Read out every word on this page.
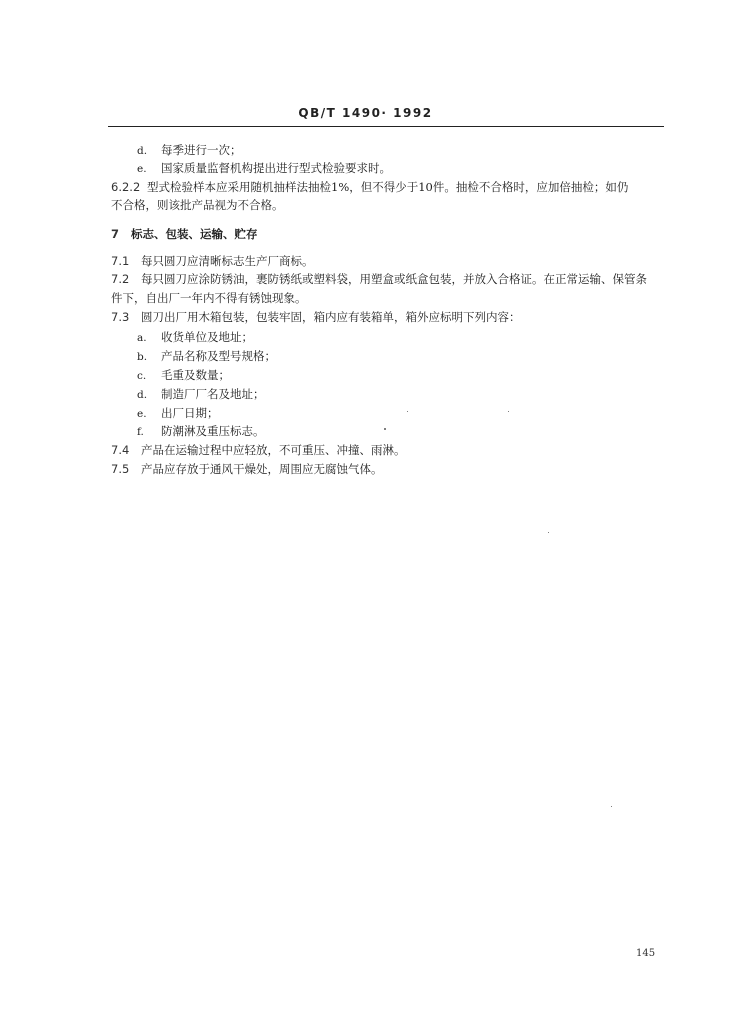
QB/T 1490· 1992
d. 每季进行一次；
e. 国家质量监督机构提出进行型式检验要求时。
6.2.2 型式检验样本应采用随机抽样法抽检1%，但不得少于10件。抽检不合格时，应加倍抽检；如仍
不合格，则该批产品视为不合格。
7 标志、包装、运输、贮存
7.1 每只圆刀应清晰标志生产厂商标。
7.2 每只圆刀应涂防锈油，裹防锈纸或塑料袋，用塑盒或纸盒包装，并放入合格证。在正常运输、保管条
件下，自出厂一年内不得有锈蚀现象。
7.3 圆刀出厂用木箱包装，包装牢固，箱内应有装箱单，箱外应标明下列内容：
a. 收货单位及地址；
b. 产品名称及型号规格；
c. 毛重及数量；
d. 制造厂厂名及地址；
e. 出厂日期；
f. 防潮淋及重压标志。
7.4 产品在运输过程中应轻放，不可重压、冲撞、雨淋。
7.5 产品应存放于通风干燥处，周围应无腐蚀气体。
145
